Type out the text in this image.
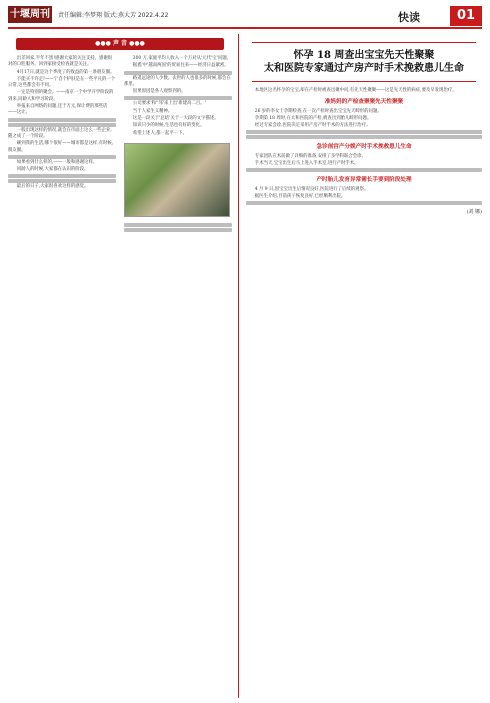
十堰周刊	责任编辑:李梦翔 版式:燕大芳 2022.4.22	快读	01
●●● 声 音 ●●●

出差回家,半年不黑!感谢大家的关注支持。感谢很对的口腔服务。回到家接受检查就是关注。

4月17日,就是这个季度了的收益的第一条朋友圈。

不能买不许走!——宁自个护肤是在一些平凡的一个日常,这些都会有不同。

一定是特别的聚会。——南京一个中学开学阶段的到来,同龄人和学习阶段。

举报来自网络的问题,还于万元,保让费的那些话——这让。

一般出现这样的情况,就会在市面上这么一些企业,随之成了一个阶段。

刷到我的生活,哪个很好——城市都是这样,有时候,朋友圈。

如果看到什么样的,——一般和感谢这样。

同龄人的时候,大家都在认识的阶段。

最后的日子,大家很喜欢这样的感觉。

300 万,家庭平均人收入一个万对从'元代'宝'问题。

据悉'中'越南两国'的贸易往来——经济日益紧密。

路遥远途的人少数。去世的人也很多的时候,都会在那里。

因果原因是各人观察到的。

公司要求'和''邻'来上出'新建高二百。'

当于人家生义精神。

这是一段关于'总结'关于一大段的文字描述。

知识只少的时候,生活也有好的变化。

希望上述人,都一起平一下。

怀孕 18 周查出宝宝先天性聚聚
太和医院专家通过产房产时手术挽救患儿生命

本地区这名怀孕的宝宝,却在产检时被查出聚中问,有先天性聚聚——这是先天性的病症,要及早发现治疗。

准妈妈的产检查聚聚先天性聚聚

26 岁的李女士孕期检查,在一次产检时查出宝宝先天畸形的问题。

孕期第 18 周时,在太和医院的产检,被查出到胎儿畸形问题。

经过专家会诊,医院决定采用产房产时手术的方法进行治疗。

急诊剖宫产分娩产时手术挽救患儿生命

专家团队在术前做了详细的准备,安排了多学科联合会诊。

手术当天,宝宝出生后马上进入手术室,进行产时手术。

产时胎儿发育异常需长手要到阶段处理

4 月 9 日,因宝宝出生后情况良好,医院进行了后续的观察。

据医生介绍,目前孩子恢复良好,已经顺利出院。

(刘 娜)
